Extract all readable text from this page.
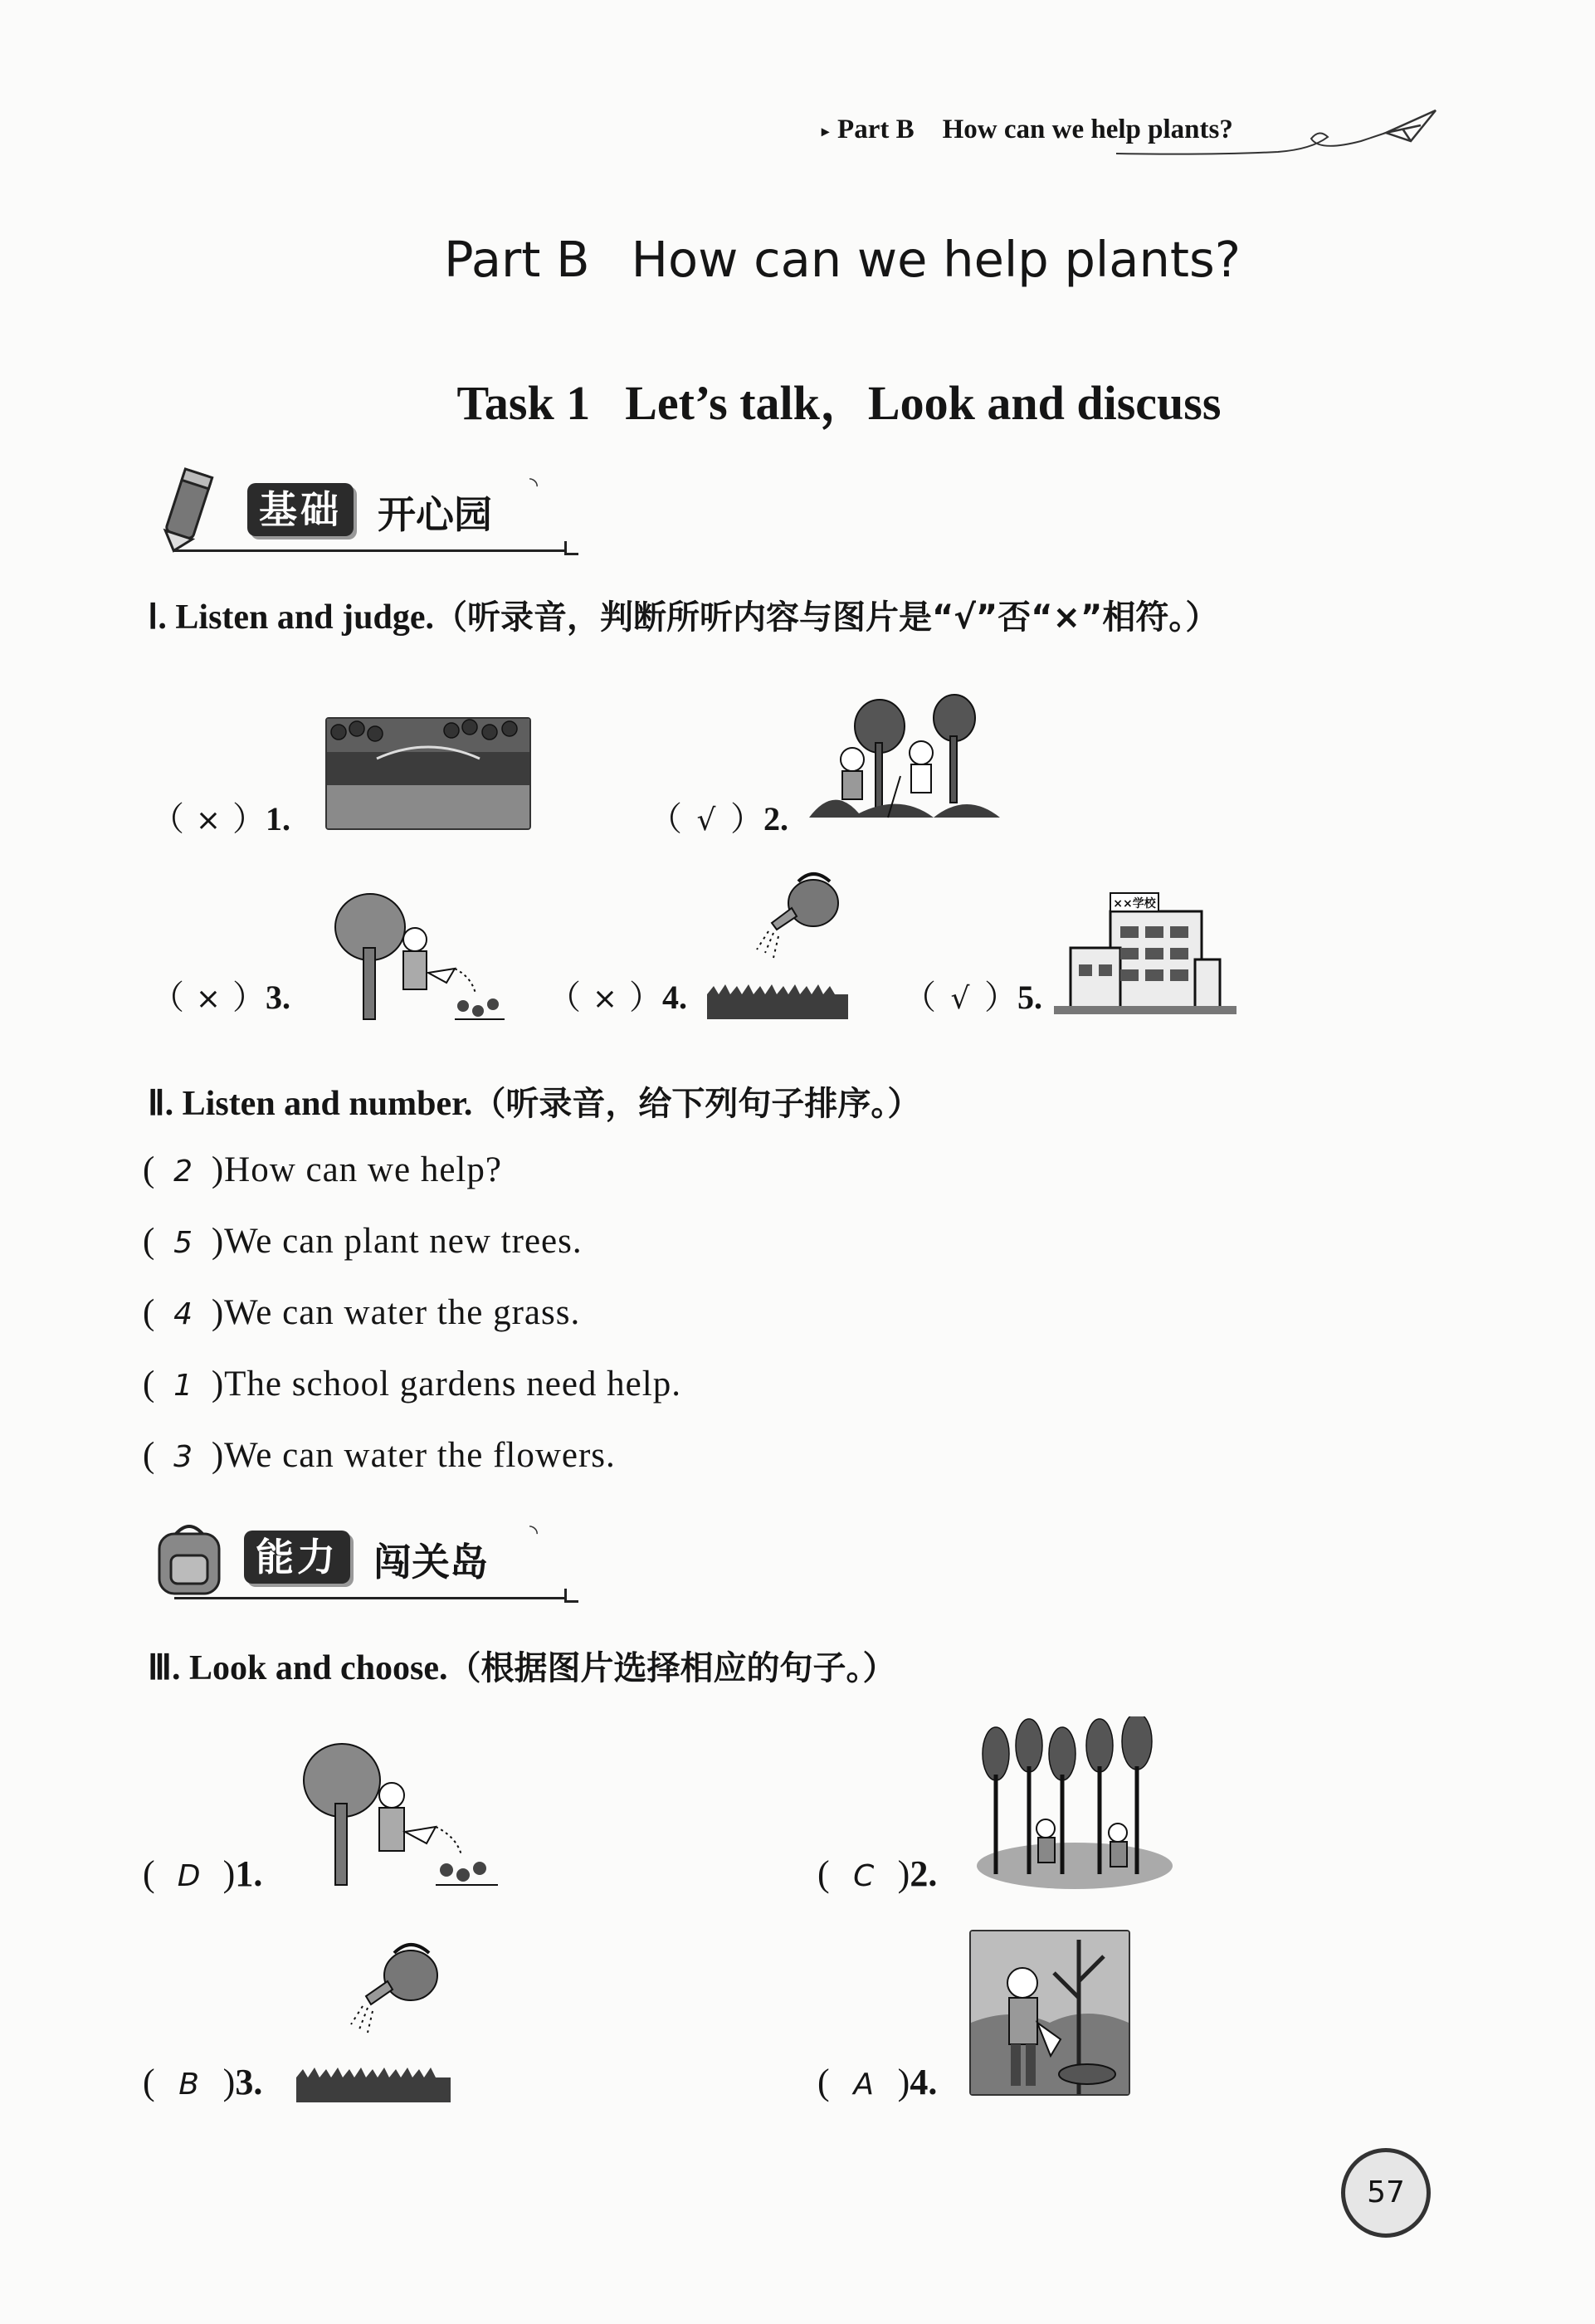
▸ Part B How can we help plants?
Part B How can we help plants?
Task 1 Let’s talk，Look and discuss
基础 开心园
◝
Ⅰ. Listen and judge.（听录音，判断所听内容与图片是“√”否“×”相符。）
（ × ）1.	（ √ ）2.
（ × ）3.	（ × ）4.	（ √ ）5.
××学校
Ⅱ. Listen and number.（听录音，给下列句子排序。）
( 2 )How can we help?
( 5 )We can plant new trees.
( 4 )We can water the grass.
( 1 )The school gardens need help.
( 3 )We can water the flowers.
能力 闯关岛
◝
Ⅲ. Look and choose.（根据图片选择相应的句子。）
( D )1.	( C )2.
( B )3.	( A )4.
57
